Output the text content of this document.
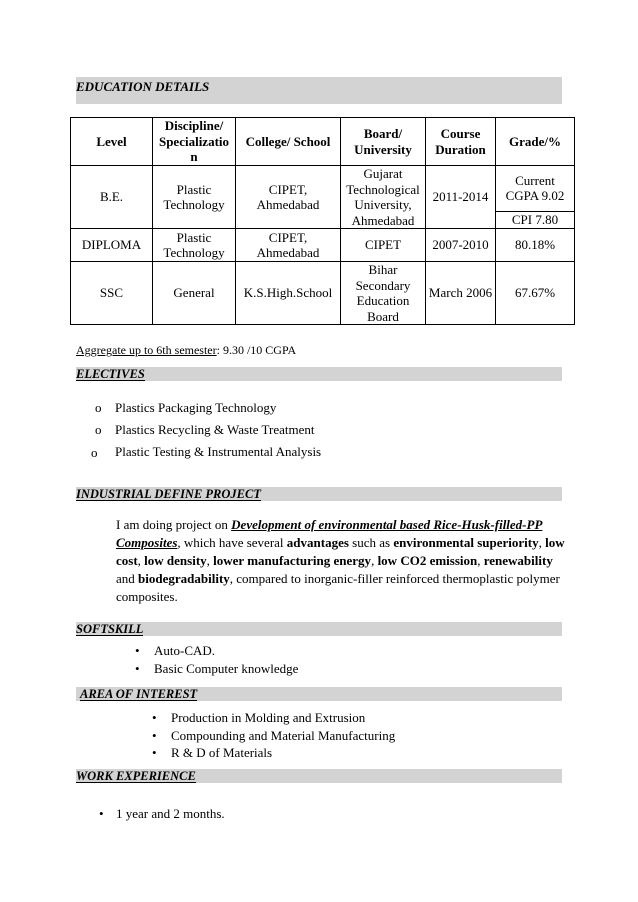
EDUCATION DETAILS
Level	Discipline/ Specializatio n	College/ School	Board/ University	Course Duration	Grade/%
B.E.	Plastic Technology	CIPET, Ahmedabad	Gujarat Technological University, Ahmedabad	2011-2014	Current CGPA 9.02
					CPI 7.80
DIPLOMA	Plastic Technology	CIPET, Ahmedabad	CIPET	2007-2010	80.18%
SSC	General	K.S.High.School	Bihar Secondary Education Board	March 2006	67.67%
Aggregate up to 6th semester: 9.30 /10 CGPA
ELECTIVES
o Plastics Packaging Technology
o Plastics Recycling & Waste Treatment
o Plastic Testing & Instrumental Analysis
INDUSTRIAL DEFINE PROJECT
I am doing project on Development of environmental based Rice-Husk-filled-PP Composites, which have several advantages such as environmental superiority, low cost, low density, lower manufacturing energy, low CO2 emission, renewability and biodegradability, compared to inorganic-filler reinforced thermoplastic polymer composites.
SOFTSKILL
• Auto-CAD.
• Basic Computer knowledge
AREA OF INTEREST
• Production in Molding and Extrusion
• Compounding and Material Manufacturing
• R & D of Materials
WORK EXPERIENCE
• 1 year and 2 months.
